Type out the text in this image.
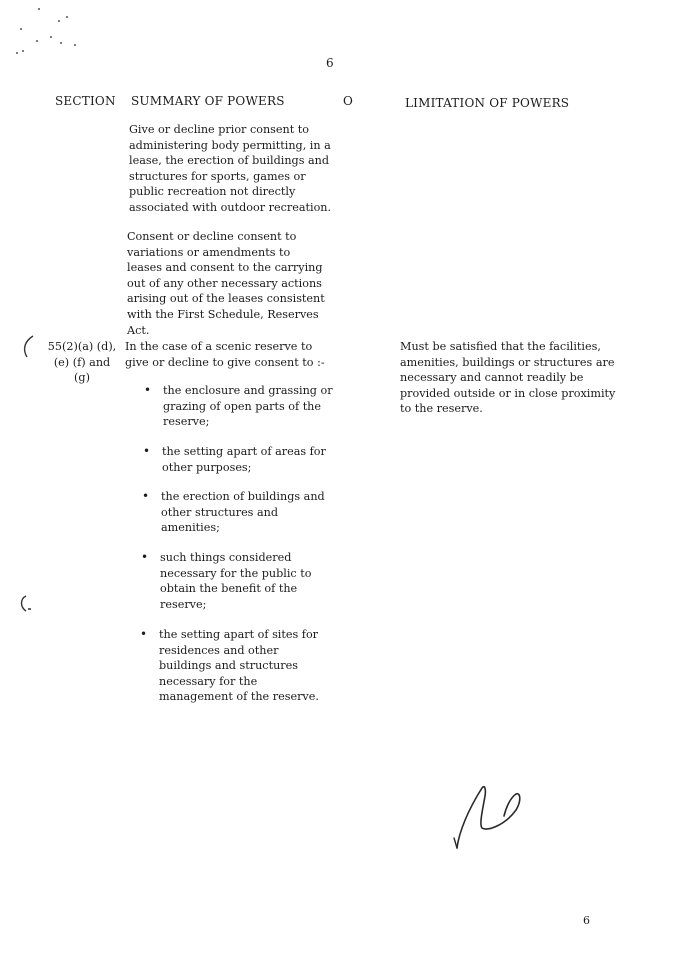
6
SECTION SUMMARY OF POWERS	O	LIMITATION OF POWERS
Give or decline prior consent to administering body permitting, in a lease, the erection of buildings and structures for sports, games or public recreation not directly associated with outdoor recreation.
Consent or decline consent to variations or amendments to leases and consent to the carrying out of any other necessary actions arising out of the leases consistent with the First Schedule, Reserves Act.
55(2)(a) (d), (e) (f) and (g)
In the case of a scenic reserve to give or decline to give consent to :-
• the enclosure and grassing or grazing of open parts of the reserve;
• the setting apart of areas for other purposes;
• the erection of buildings and other structures and amenities;
• such things considered necessary for the public to obtain the benefit of the reserve;
• the setting apart of sites for residences and other buildings and structures necessary for the management of the reserve.
Must be satisfied that the facilities, amenities, buildings or structures are necessary and cannot readily be provided outside or in close proximity to the reserve.
6
